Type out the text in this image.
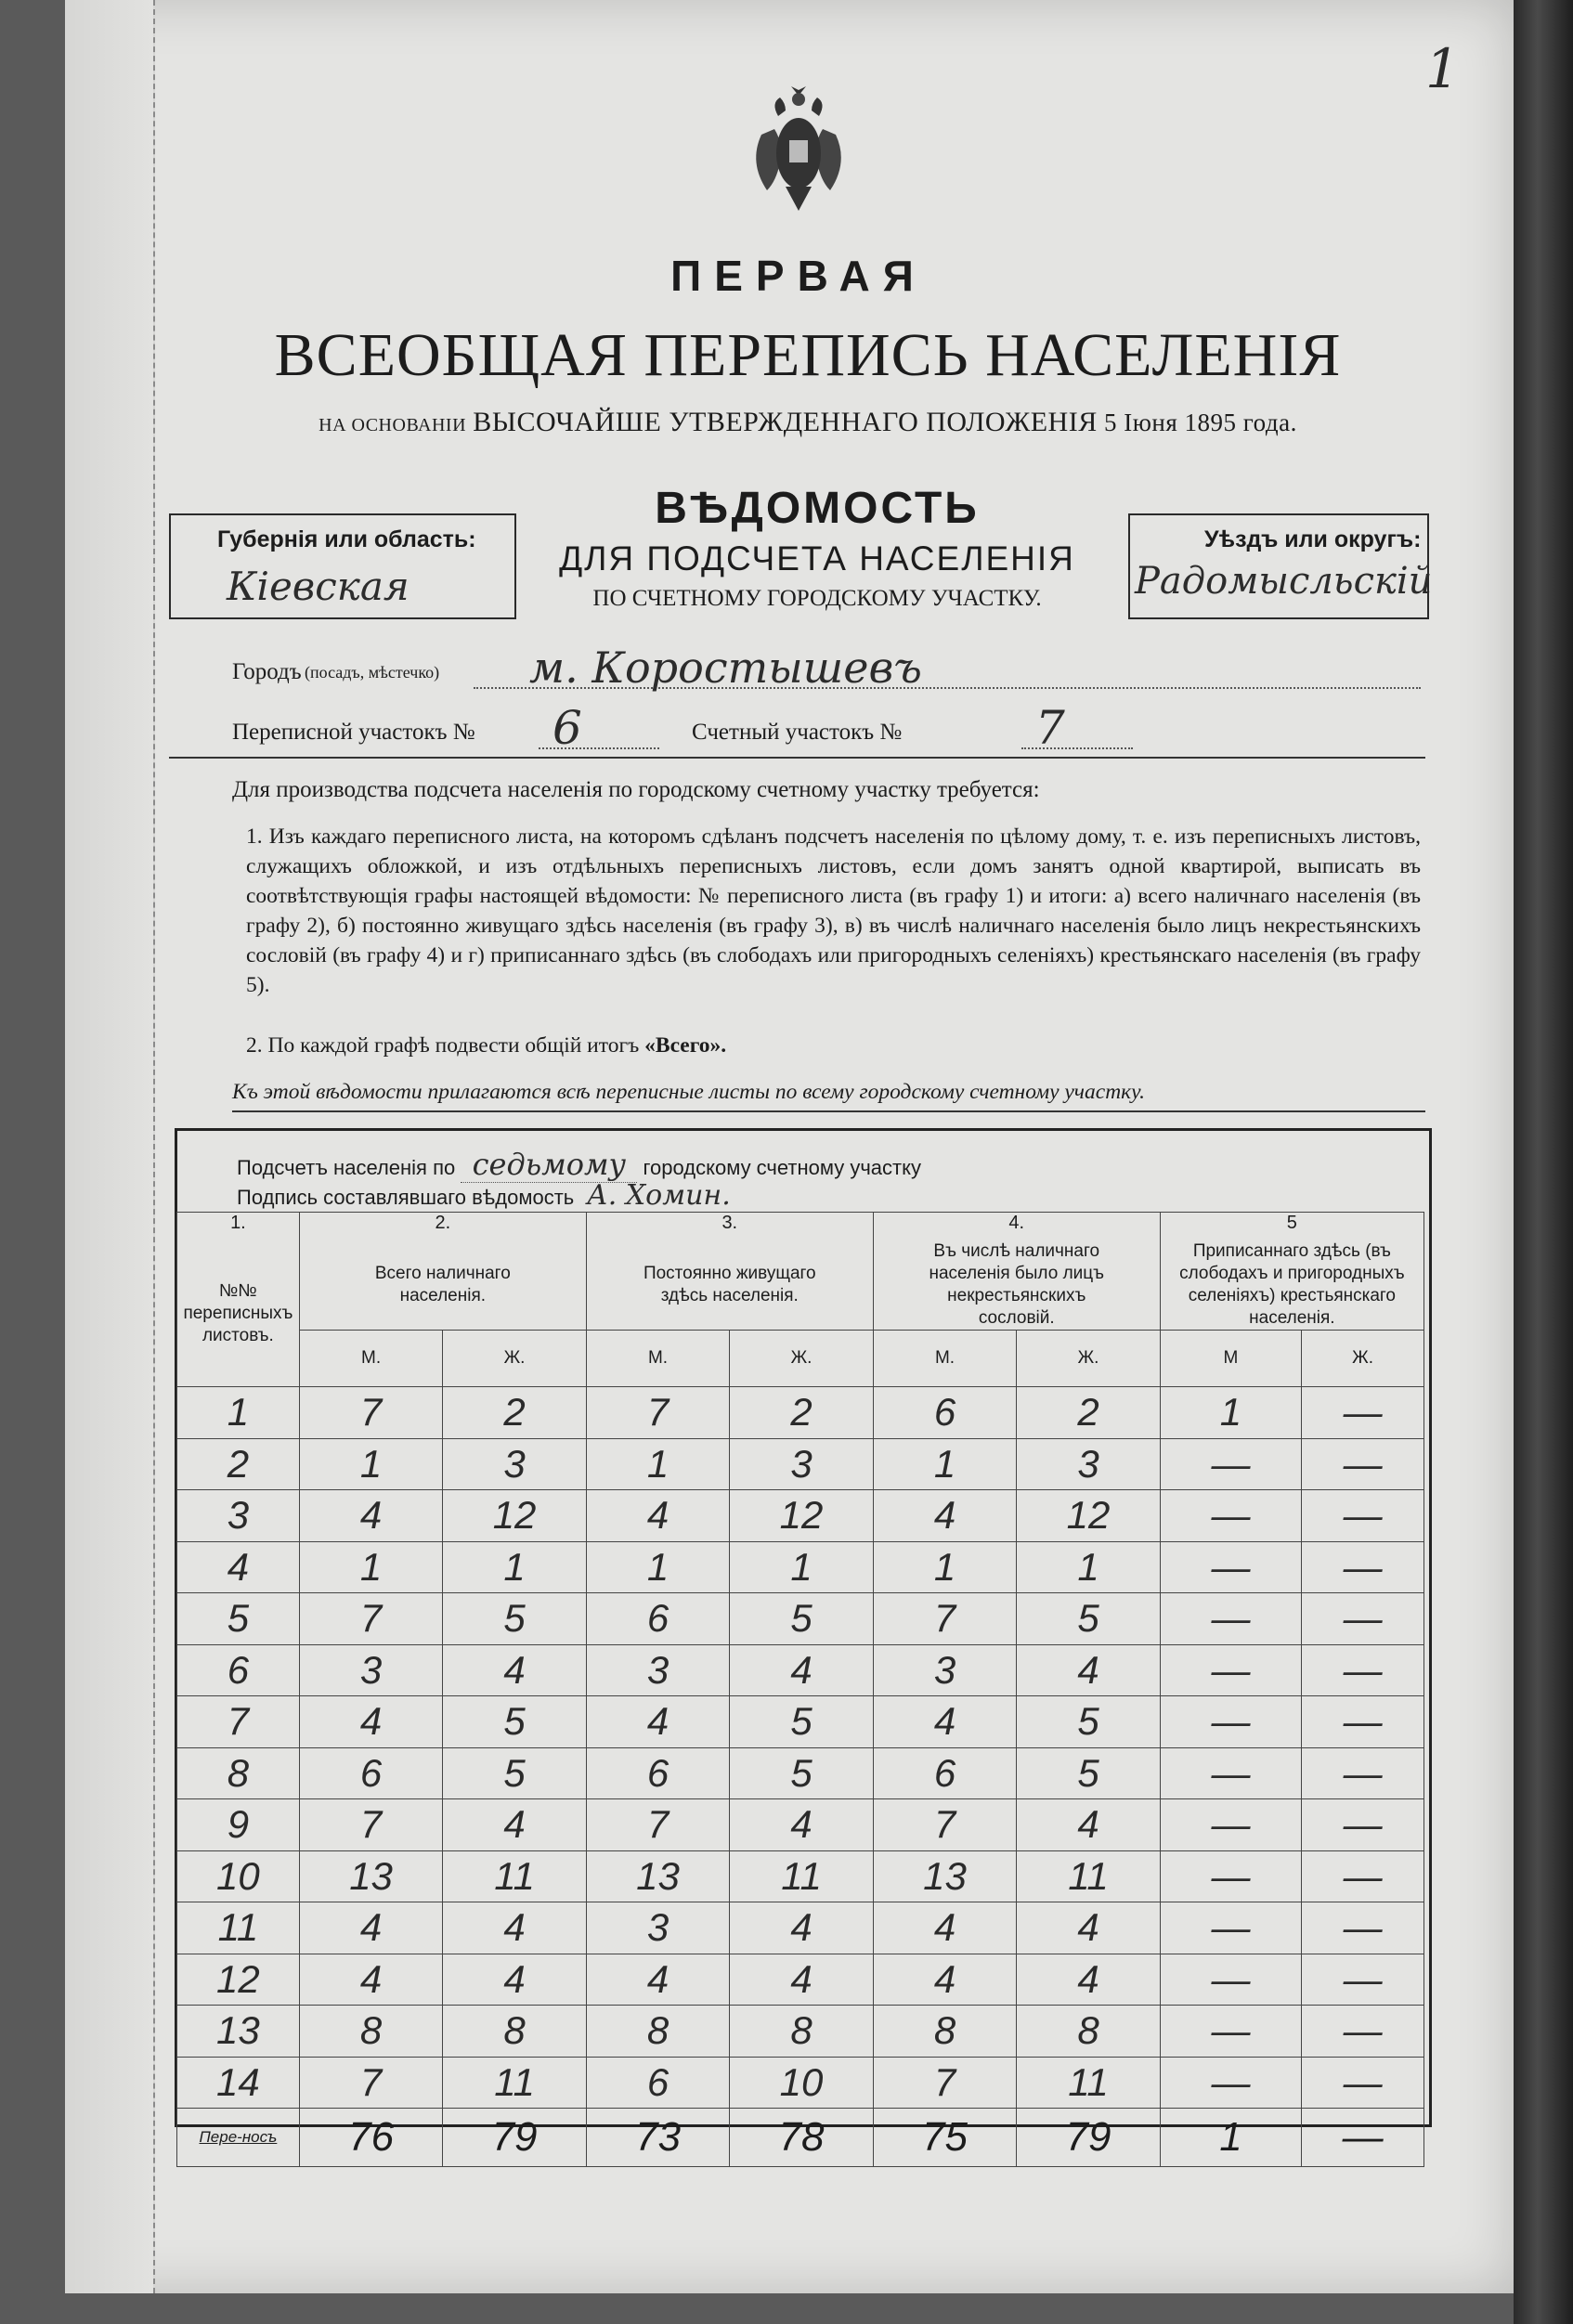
1
ПЕРВАЯ
ВСЕОБЩАЯ ПЕРЕПИСЬ НАСЕЛЕНІЯ
НА ОСНОВАНІИ ВЫСОЧАЙШЕ УТВЕРЖДЕННАГО ПОЛОЖЕНІЯ 5 Іюня 1895 года.
Губернія или область:
Кіевская
ВѢДОМОСТЬ
ДЛЯ ПОДСЧЕТА НАСЕЛЕНІЯ
ПО СЧЕТНОМУ ГОРОДСКОМУ УЧАСТКУ.
Уѣздъ или округъ:
Радомысльскій
Городъ (посадъ, мѣстечко) м. Коростышевъ
Переписной участокъ № 6	Счетный участокъ №	7
Для производства подсчета населенія по городскому счетному участку требуется:
1. Изъ каждаго переписного листа, на которомъ сдѣланъ подсчетъ населенія по цѣлому дому, т. е. изъ переписныхъ листовъ, служащихъ обложкой, и изъ отдѣльныхъ переписныхъ листовъ, если домъ занятъ одной квартирой, выписать въ соотвѣтствующія графы настоящей вѣдомости: № переписного листа (въ графу 1) и итоги: а) всего наличнаго населенія (въ графу 2), б) постоянно живущаго здѣсь населенія (въ графу 3), в) въ числѣ наличнаго населенія было лицъ некрестьянскихъ сословій (въ графу 4) и г) приписаннаго здѣсь (въ слободахъ или пригородныхъ селеніяхъ) крестьянскаго населенія (въ графу 5).
2. По каждой графѣ подвести общій итогъ «Всего».
Къ этой вѣдомости прилагаются всѣ переписные листы по всему городскому счетному участку.
Подсчетъ населенія по седьмому городскому счетному участку
Подпись составлявшаго вѣдомость А. Хомин.
1.	2.		3.		4.		5	
№№ переписныхъ листовъ.	Всего наличнаго населенія.		Постоянно живущаго здѣсь населенія.		Въ числѣ наличнаго населенія было лицъ некрестьянскихъ сословій.		Приписаннаго здѣсь (въ слободахъ и пригородныхъ селеніяхъ) крестьянскаго населенія.	
	М.	Ж.	М.	Ж.	М.	Ж.	М	Ж.
1	7	2	7	2	6	2	1	—
2	1	3	1	3	1	3	—	—
3	4	12	4	12	4	12	—	—
4	1	1	1	1	1	1	—	—
5	7	5	6	5	7	5	—	—
6	3	4	3	4	3	4	—	—
7	4	5	4	5	4	5	—	—
8	6	5	6	5	6	5	—	—
9	7	4	7	4	7	4	—	—
10	13	11	13	11	13	11	—	—
11	4	4	3	4	4	4	—	—
12	4	4	4	4	4	4	—	—
13	8	8	8	8	8	8	—	—
14	7	11	6	10	7	11	—	—
Пере-носъ	76	79	73	78	75	79	1	—
